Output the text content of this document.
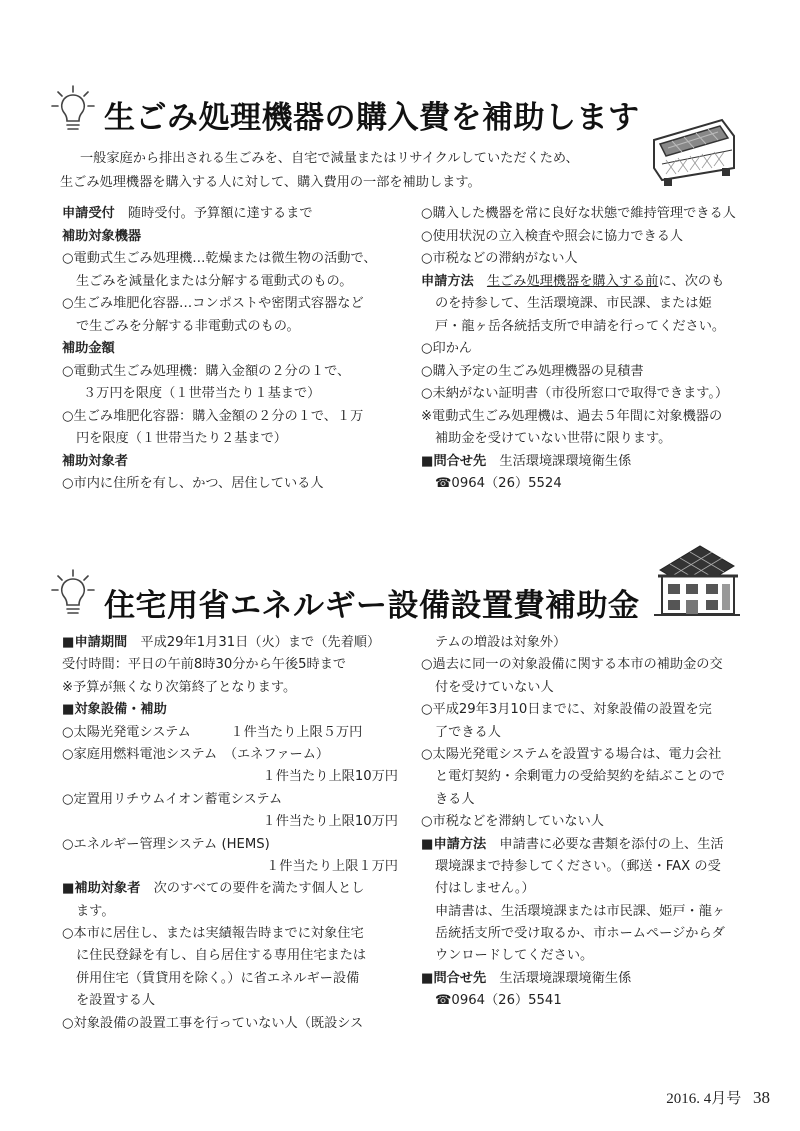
生ごみ処理機器の購入費を補助します
一般家庭から排出される生ごみを、自宅で減量またはリサイクルしていただくため、
生ごみ処理機器を購入する人に対して、購入費用の一部を補助します。
申請受付　随時受付。予算額に達するまで
補助対象機器
○電動式生ごみ処理機…乾燥または微生物の活動で、
生ごみを減量化または分解する電動式のもの。
○生ごみ堆肥化容器…コンポストや密閉式容器など
で生ごみを分解する非電動式のもの。
補助金額
○電動式生ごみ処理機：購入金額の２分の１で、
３万円を限度（１世帯当たり１基まで）
○生ごみ堆肥化容器：購入金額の２分の１で、１万
円を限度（１世帯当たり２基まで）
補助対象者
○市内に住所を有し、かつ、居住している人
○購入した機器を常に良好な状態で維持管理できる人
○使用状況の立入検査や照会に協力できる人
○市税などの滞納がない人
申請方法　 生ごみ処理機器を購入する前に、次のも
のを持参して、生活環境課、市民課、または姫
戸・龍ヶ岳各統括支所で申請を行ってください。
○印かん
○購入予定の生ごみ処理機器の見積書
○未納がない証明書（市役所窓口で取得できます。）
※電動式生ごみ処理機は、過去５年間に対象機器の
補助金を受けていない世帯に限ります。
■問合せ先　生活環境課環境衛生係
☎0964（26）5524
住宅用省エネルギー設備設置費補助金
■申請期間　平成29年1月31日（火）まで（先着順）
受付時間：平日の午前8時30分から午後5時まで
※予算が無くなり次第終了となります。
■対象設備・補助
○太陽光発電システム　　　１件当たり上限５万円
○家庭用燃料電池システム　（エネファーム）
１件当たり上限10万円
○定置用リチウムイオン蓄電システム
１件当たり上限10万円
○エネルギー管理システム (HEMS)
１件当たり上限１万円
■補助対象者　次のすべての要件を満たす個人とし
ます。
○本市に居住し、または実績報告時までに対象住宅
に住民登録を有し、自ら居住する専用住宅または
併用住宅（賃貸用を除く。）に省エネルギー設備
を設置する人
○対象設備の設置工事を行っていない人（既設シス
テムの増設は対象外）
○過去に同一の対象設備に関する本市の補助金の交
付を受けていない人
○平成29年3月10日までに、対象設備の設置を完
了できる人
○太陽光発電システムを設置する場合は、電力会社
と電灯契約・余剰電力の受給契約を結ぶことので
きる人
○市税などを滞納していない人
■申請方法　申請書に必要な書類を添付の上、生活
環境課まで持参してください。（郵送・FAX の受
付はしません。）
申請書は、生活環境課または市民課、姫戸・龍ヶ
岳統括支所で受け取るか、市ホームページからダ
ウンロードしてください。
■問合せ先　生活環境課環境衛生係
☎0964（26）5541
2016. 4月号 38
